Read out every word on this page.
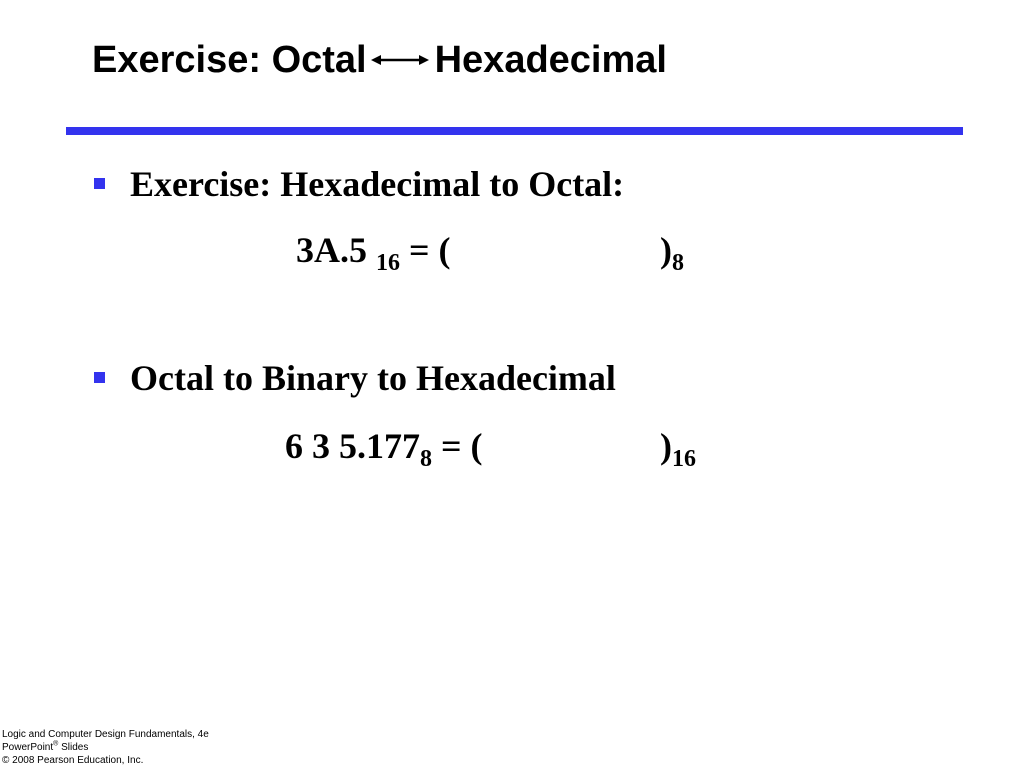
Exercise: Octal Hexadecimal
Exercise: Hexadecimal to Octal:
3A.5 $_{16}$ = (	)$_8$
Octal to Binary to Hexadecimal
6 3 $5.177_8$ = (	)$_{16}$
Logic and Computer Design Fundamentals, 4e
PowerPoint® Slides
© 2008 Pearson Education, Inc.
